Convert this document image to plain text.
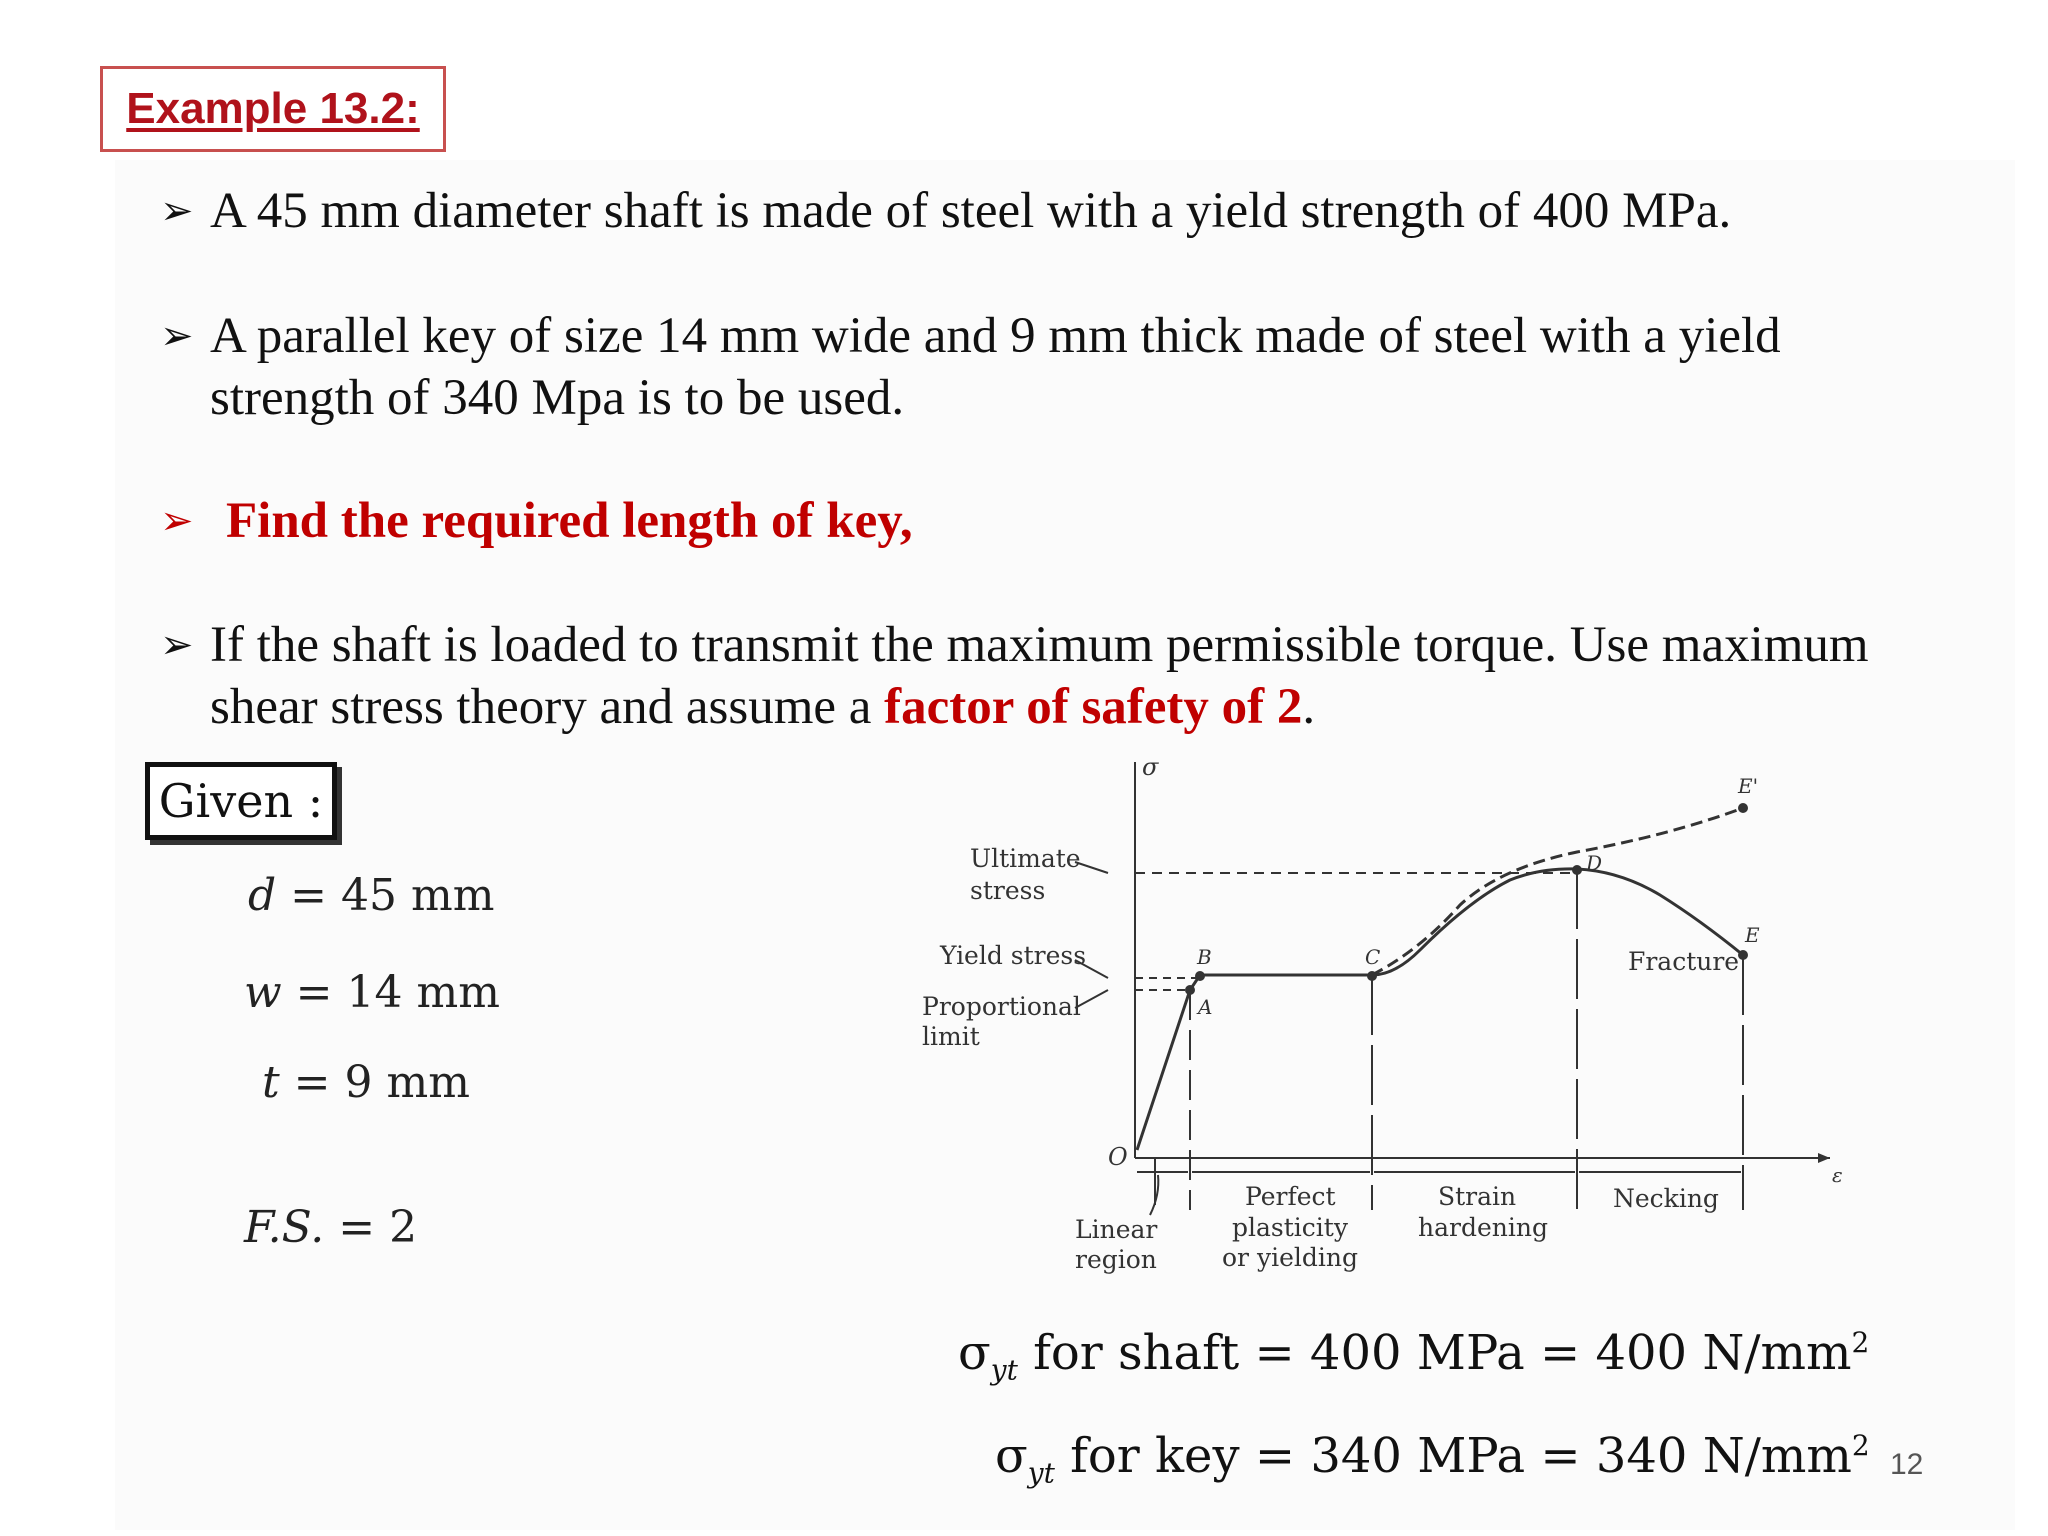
Example 13.2:
➢ A 45 mm diameter shaft is made of steel with a yield strength of 400 MPa.
➢ A parallel key of size 14 mm wide and 9 mm thick made of steel with a yield strength of 340 Mpa is to be used.
➢ Find the required length of key,
➢ If the shaft is loaded to transmit the maximum permissible torque. Use maximum shear stress theory and assume a factor of safety of 2.
Given :
d = 45 mm
w = 14 mm
t = 9 mm
F.S. = 2
σ
ε
O
A
B	C
D
E
E'
Ultimate
stress
Yield stress
Proportional
limit
Fracture
Linear
region
Perfect
plasticity
or yielding
Strain
hardening
Necking
$\sigma_{yt}$ for shaft = 400 MPa = 400 $N/mm^2$
$\sigma_{yt}$ for key = 340 MPa = 340 $N/mm^2$
12
